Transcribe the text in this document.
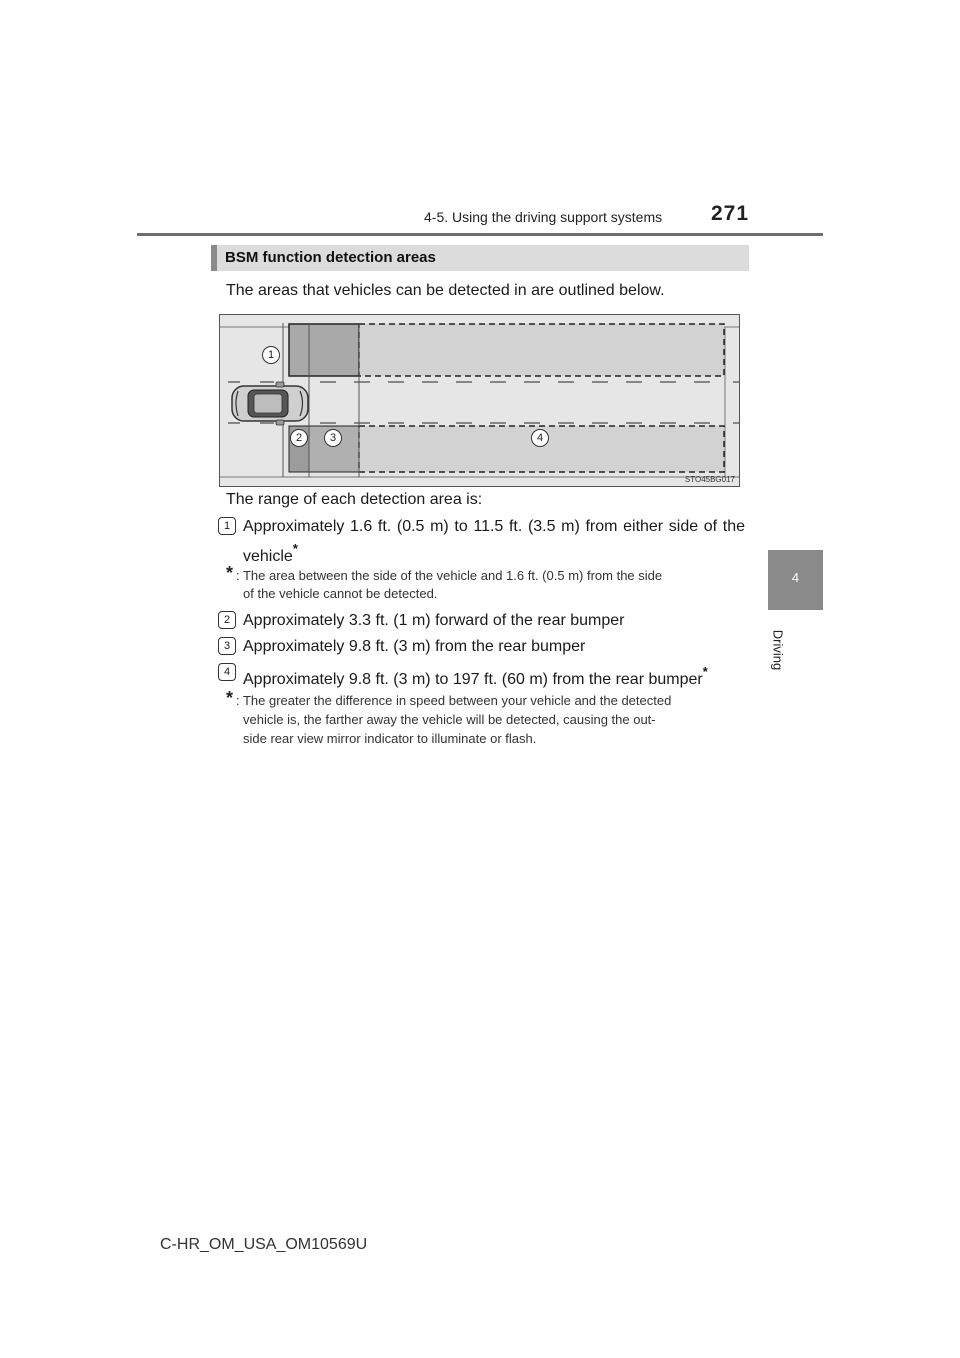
4-5. Using the driving support systems 271
4
Driving
BSM function detection areas
The areas that vehicles can be detected in are outlined below.
1
2	3	4
STO45BG017
The range of each detection area is:
1 Approximately 1.6 ft. (0.5 m) to 11.5 ft. (3.5 m) from either side of the vehicle*
* : The area between the side of the vehicle and 1.6 ft. (0.5 m) from the side
of the vehicle cannot be detected.
2 Approximately 3.3 ft. (1 m) forward of the rear bumper
3 Approximately 9.8 ft. (3 m) from the rear bumper
4 Approximately 9.8 ft. (3 m) to 197 ft. (60 m) from the rear bumper*
* : The greater the difference in speed between your vehicle and the detected
vehicle is, the farther away the vehicle will be detected, causing the out-
side rear view mirror indicator to illuminate or flash.
C-HR_OM_USA_OM10569U
